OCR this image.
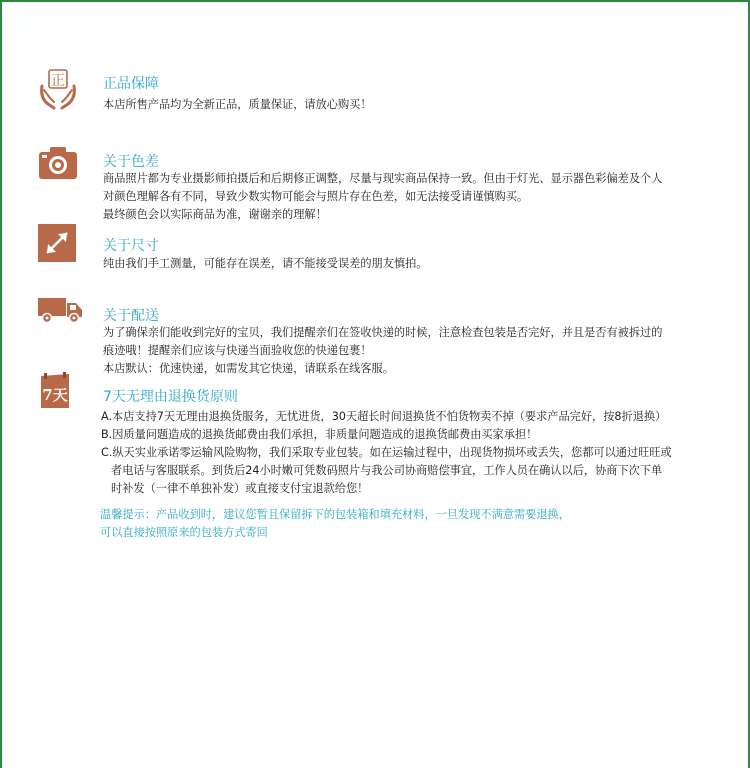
正	正品保障
本店所售产品均为全新正品，质量保证，请放心购买！
关于色差
商品照片都为专业摄影师拍摄后和后期修正调整，尽量与现实商品保持一致。但由于灯光、显示器色彩偏差及个人
对颜色理解各有不同，导致少数实物可能会与照片存在色差，如无法接受请谨慎购买。
最终颜色会以实际商品为准，谢谢亲的理解！
关于尺寸
纯由我们手工测量，可能存在误差，请不能接受误差的朋友慎拍。
关于配送
为了确保亲们能收到完好的宝贝，我们提醒亲们在签收快递的时候，注意检查包装是否完好，并且是否有被拆过的
痕迹哦！提醒亲们应该与快递当面验收您的快递包裹！
本店默认：优速快递，如需发其它快递，请联系在线客服。
7天	7天无理由退换货原则
A.本店支持7天无理由退换货服务，无忧进货，30天超长时间退换货不怕货物卖不掉（要求产品完好，按8折退换）
B.因质量问题造成的退换货邮费由我们承担，非质量问题造成的退换货邮费由买家承担！
C.纵天实业承诺零运输风险购物，我们采取专业包装。如在运输过程中，出现货物损坏或丢失，您都可以通过旺旺或
者电话与客服联系。到货后24小时嫩可凭数码照片与我公司协商赔偿事宜，工作人员在确认以后，协商下次下单
时补发（一律不单独补发）或直接支付宝退款给您！
温馨提示：产品收到时，建议您暂且保留拆下的包装箱和填充材料，一旦发现不满意需要退换，
可以直接按照原来的包装方式寄回
